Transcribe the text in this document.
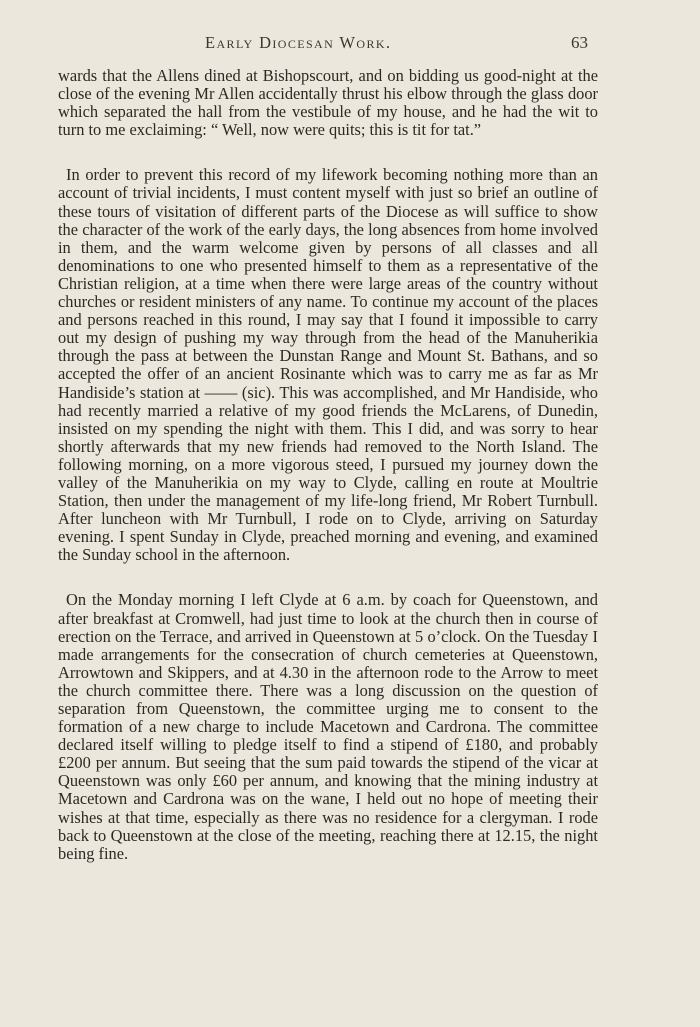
Early Diocesan Work.	63

wards that the Allens dined at Bishopscourt, and on bidding us good-night at the close of the evening Mr Allen accidentally thrust his elbow through the glass door which separated the hall from the vestibule of my house, and he had the wit to turn to me exclaiming: “ Well, now were quits; this is tit for tat.”

In order to prevent this record of my lifework becoming nothing more than an account of trivial incidents, I must content myself with just so brief an outline of these tours of visitation of different parts of the Diocese as will suffice to show the character of the work of the early days, the long absences from home involved in them, and the warm welcome given by persons of all classes and all denominations to one who presented himself to them as a representative of the Christian religion, at a time when there were large areas of the country without churches or resident ministers of any name. To continue my account of the places and persons reached in this round, I may say that I found it impossible to carry out my design of pushing my way through from the head of the Manuherikia through the pass at between the Dunstan Range and Mount St. Bathans, and so accepted the offer of an ancient Rosinante which was to carry me as far as Mr Handiside’s station at —— (sic). This was accomplished, and Mr Handiside, who had recently married a relative of my good friends the McLarens, of Dunedin, insisted on my spending the night with them. This I did, and was sorry to hear shortly afterwards that my new friends had removed to the North Island. The following morning, on a more vigorous steed, I pursued my journey down the valley of the Manuherikia on my way to Clyde, calling en route at Moultrie Station, then under the management of my life-long friend, Mr Robert Turnbull. After luncheon with Mr Turnbull, I rode on to Clyde, arriving on Saturday evening. I spent Sunday in Clyde, preached morning and evening, and examined the Sunday school in the afternoon.

On the Monday morning I left Clyde at 6 a.m. by coach for Queenstown, and after breakfast at Cromwell, had just time to look at the church then in course of erection on the Terrace, and arrived in Queenstown at 5 o’clock. On the Tuesday I made arrangements for the consecration of church cemeteries at Queenstown, Arrowtown and Skippers, and at 4.30 in the afternoon rode to the Arrow to meet the church committee there. There was a long discussion on the question of separation from Queenstown, the committee urging me to consent to the formation of a new charge to include Macetown and Cardrona. The committee declared itself willing to pledge itself to find a stipend of £180, and probably £200 per annum. But seeing that the sum paid towards the stipend of the vicar at Queenstown was only £60 per annum, and knowing that the mining industry at Macetown and Cardrona was on the wane, I held out no hope of meeting their wishes at that time, especially as there was no residence for a clergyman. I rode back to Queenstown at the close of the meeting, reaching there at 12.15, the night being fine.
